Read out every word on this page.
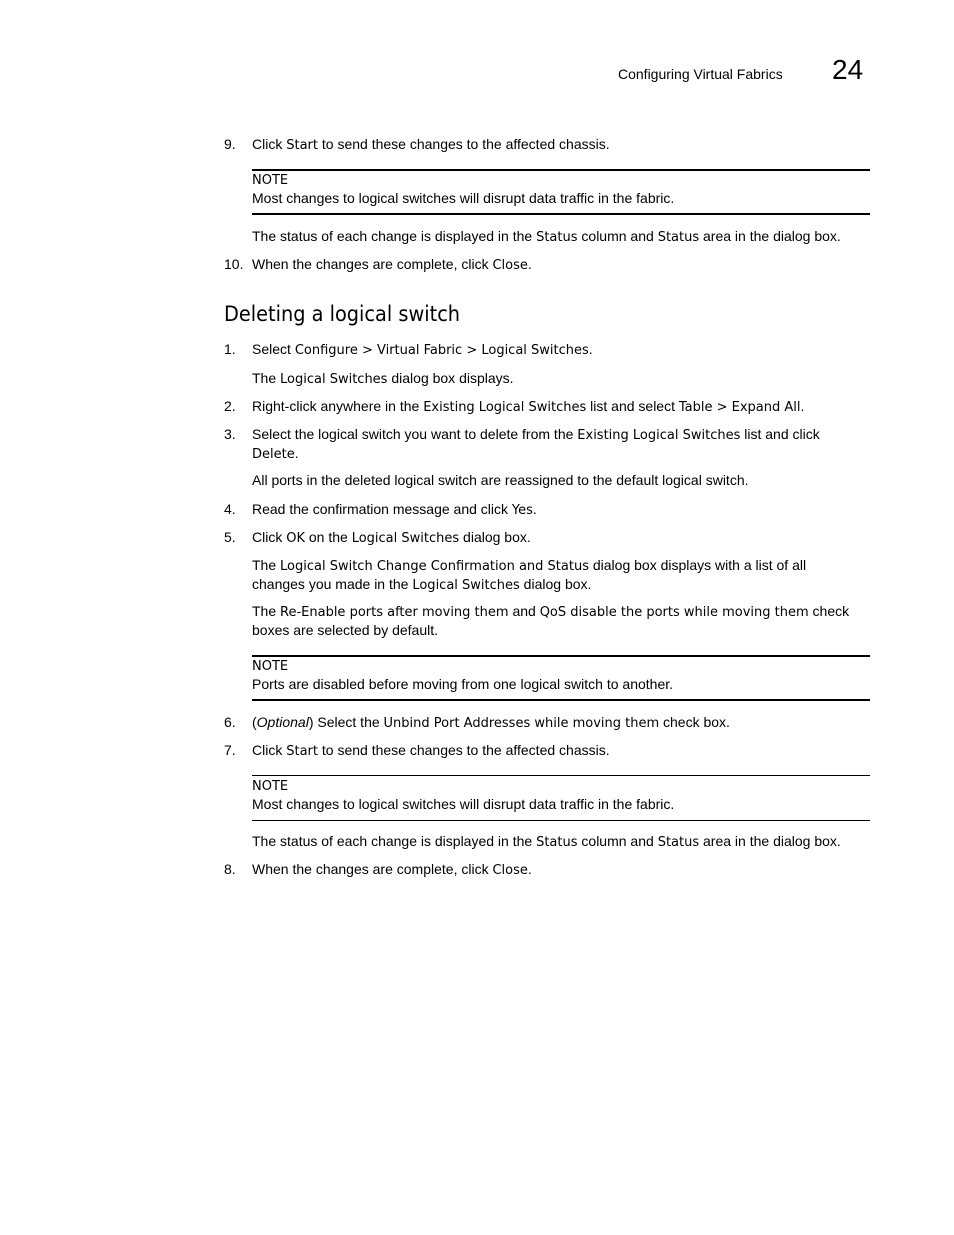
Configuring Virtual Fabrics 24
9. Click Start to send these changes to the affected chassis.
NOTE
Most changes to logical switches will disrupt data traffic in the fabric.
The status of each change is displayed in the Status column and Status area in the dialog box.
10. When the changes are complete, click Close.
Deleting a logical switch
1. Select Configure > Virtual Fabric > Logical Switches.
The Logical Switches dialog box displays.
2. Right-click anywhere in the Existing Logical Switches list and select Table > Expand All.
3. Select the logical switch you want to delete from the Existing Logical Switches list and click
Delete.
All ports in the deleted logical switch are reassigned to the default logical switch.
4. Read the confirmation message and click Yes.
5. Click OK on the Logical Switches dialog box.
The Logical Switch Change Confirmation and Status dialog box displays with a list of all
changes you made in the Logical Switches dialog box.
The Re-Enable ports after moving them and QoS disable the ports while moving them check
boxes are selected by default.
NOTE
Ports are disabled before moving from one logical switch to another.
6. (Optional) Select the Unbind Port Addresses while moving them check box.
7. Click Start to send these changes to the affected chassis.
NOTE
Most changes to logical switches will disrupt data traffic in the fabric.
The status of each change is displayed in the Status column and Status area in the dialog box.
8. When the changes are complete, click Close.
